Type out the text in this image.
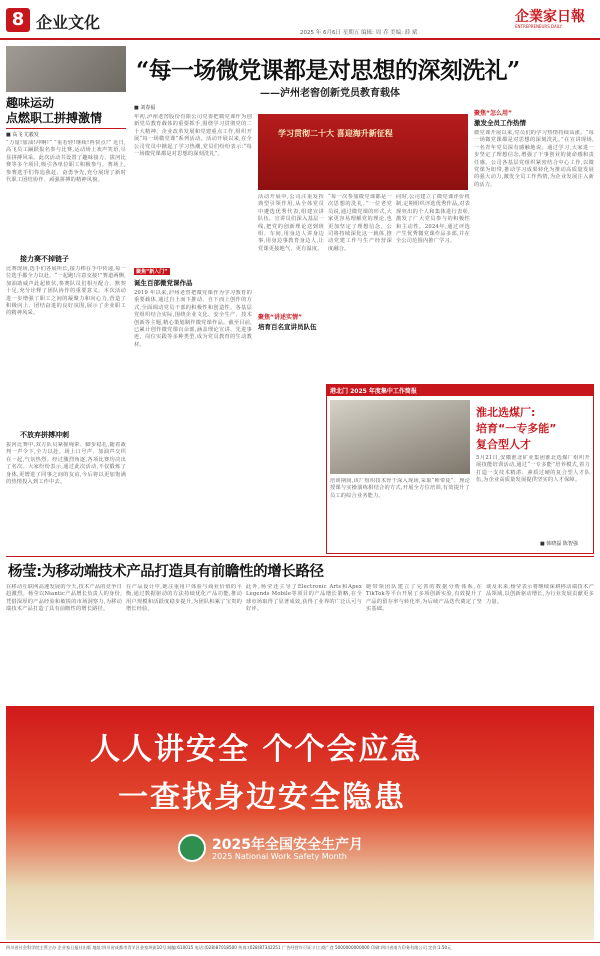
8 企业文化
2025 年 6月6日 星期五 编辑: 周 乔 美编: 薛 斌
企業家日報
ENTREPRENEURS DAILY
趣味运动
点燃职工拼搏激情
■ 高飞 尤毅发
“力量!加油!冲啊!” “重若轻!继续!再快点!” 近日,高飞员工踊跃报名参与比赛,运动场上欢声笑语,尽显拼搏风采。此次活动共设置了趣味接力、拔河比赛等多个项目,吸引各单位职工积极参与。赛场上,参赛选手们你追我赶、奋勇争先,充分展现了新时代职工团结协作、顽强拼搏的精神风貌。
接力赛不掉链子
比赛现场,选手们各展所长,接力棒在手中传递,每一位选手都全力以赴。“一起跑!注意交接!”赛道两侧,加油助威声此起彼伏,参赛队员们相互配合、默契十足,充分诠释了团队协作的重要意义。本次活动进一步增强了职工之间的凝聚力和向心力,营造了积极向上、团结奋进的良好氛围,展示了企业职工的精神风采。
不放弃拼搏冲刺
拔河比赛中,双方队员紧握绳索、脚步稳扎,随着裁判一声令下,全力以赴。场上口号声、加油声交织在一起,气氛热烈。经过激烈角逐,各项比赛均决出了名次。大家纷纷表示,通过此次活动,不仅锻炼了身体,更增进了同事之间的友谊,今后将以更加饱满的热情投入到工作中去。
“每一场微党课都是对思想的深刻洗礼”
——泸州老窖创新党员教育载体
■ 刘春福
年初,泸州老窖股份有限公司党委把微党课作为创新党员教育载体的重要抓手,围绕学习贯彻党的二十大精神、企业改革发展和党建重点工作,组织开展“每一场微党课”系列活动。活动开展以来,在全公司党员中掀起了学习热潮,党员们纷纷表示:“每一场微党课都是对思想的深刻洗礼”。
聚焦“新入门”
诞生百部微党课作品
2019 年以来,泸州老窖把微党课作为学习教育的重要载体,通过自上而下推动、自下而上创作的方式,全面调动党员干部的积极性和创造性。各基层党组织结合实际,围绕企业文化、安全生产、技术创新等主题,精心策划制作微党课作品。截至目前,已累计创作微党课百余部,涵盖理论宣讲、先进事迹、岗位实践等多种类型,成为党员教育的生动教材。
学习贯彻二十大 喜迎海升新征程
活动开展中,公司注重发挥典型引领作用,从全体党员中遴选优秀代表,组建宣讲队伍。宣讲员们深入基层一线,把党的创新理论送到班组、车间,用身边人讲身边事,用身边事教育身边人,让党课更接地气、更有温度。
“每一次参加微党课都是一次思想的洗礼。”一位老党员说,通过微党课的形式,大家更容易理解党的理论,也更加坚定了理想信念。公司将持续深化这一载体,推动党建工作与生产经营深度融合。
同时,公司建立了微党课评价机制,定期组织评选优秀作品,对表现突出的个人和集体进行表彰,激发了广大党员参与的积极性和主动性。2024年,通过评选产生优秀微党课作品多部,并在全公司范围内推广学习。
聚焦“讲述实情”
培育百名宣讲员队伍
聚焦“怎么用”
激发全员工作热情
微党课开展以来,党员们的学习热情持续高涨。“每一场微党课都是对思想的深刻洗礼。”在宣讲现场,一名青年党员深有感触地说。通过学习,大家进一步坚定了理想信念,增强了干事创业的使命感和责任感。公司各基层党组织紧密结合中心工作,以微党课为纽带,推动学习成果转化为推动高质量发展的强大动力,激发全员工作热情,为企业发展注入新的活力。
港北门 2025 年度集中工作简报
淮北选煤厂:
培育“一专多能”
复合型人才
5月21日,安徽淮北矿业集团淮北选煤厂组织开展技能培训活动,通过“一专多能”培养模式,着力打造一支技术精湛、素质过硬的复合型人才队伍,为企业高质量发展提供坚实的人才保障。
■ 韩晓磊 陈智强
培训期间,该厂组织技术骨干深入现场,采取“师带徒”、理论授课与实操演练相结合的方式,开展全方位培训,有效提升了员工的综合业务能力。
杨莹:为移动端技术产品打造具有前瞻性的增长路径
在移动互联网高速发展的今天,技术产品的竞争日趋激烈。杨莹以Niantic产品增长负责人的身份,凭借深厚的产品经验和敏锐的市场洞察力,为移动端技术产品打造了具有前瞻性的增长路径。
在产品设计中,她注重用户体验与商业价值的平衡,通过数据驱动的方法持续优化产品功能,推动用户规模和活跃度稳步提升,为团队积累了宝贵的增长经验。
此外,杨莹还主导了Electronic Arts和Apex Legends Mobile等项目的产品增长策略,在全球市场取得了显著成效,获得了业界的广泛认可与好评。
她带领团队建立了完善的数据分析体系,在TikTok等平台开展了多项创新实验,有效提升了产品的留存率与转化率,为后续产品迭代奠定了坚实基础。
谈及未来,杨莹表示将继续深耕移动端技术产品领域,以创新驱动增长,为行业发展贡献更多力量。
人人讲安全 个个会应急
一查找身边安全隐患
2025年全国安全生产月
2025 National Work Safety Month
四川省社会科学院主管主办 企业家日报社出版 地址:四川省成都市青羊区金家坝街10号 邮编:610015 电话:(028)87018500 传真:(028)87342251 广告经营许可证:川工商广登 5000000000000 印刷:四川省南方印务有限公司 定价:1.50元
